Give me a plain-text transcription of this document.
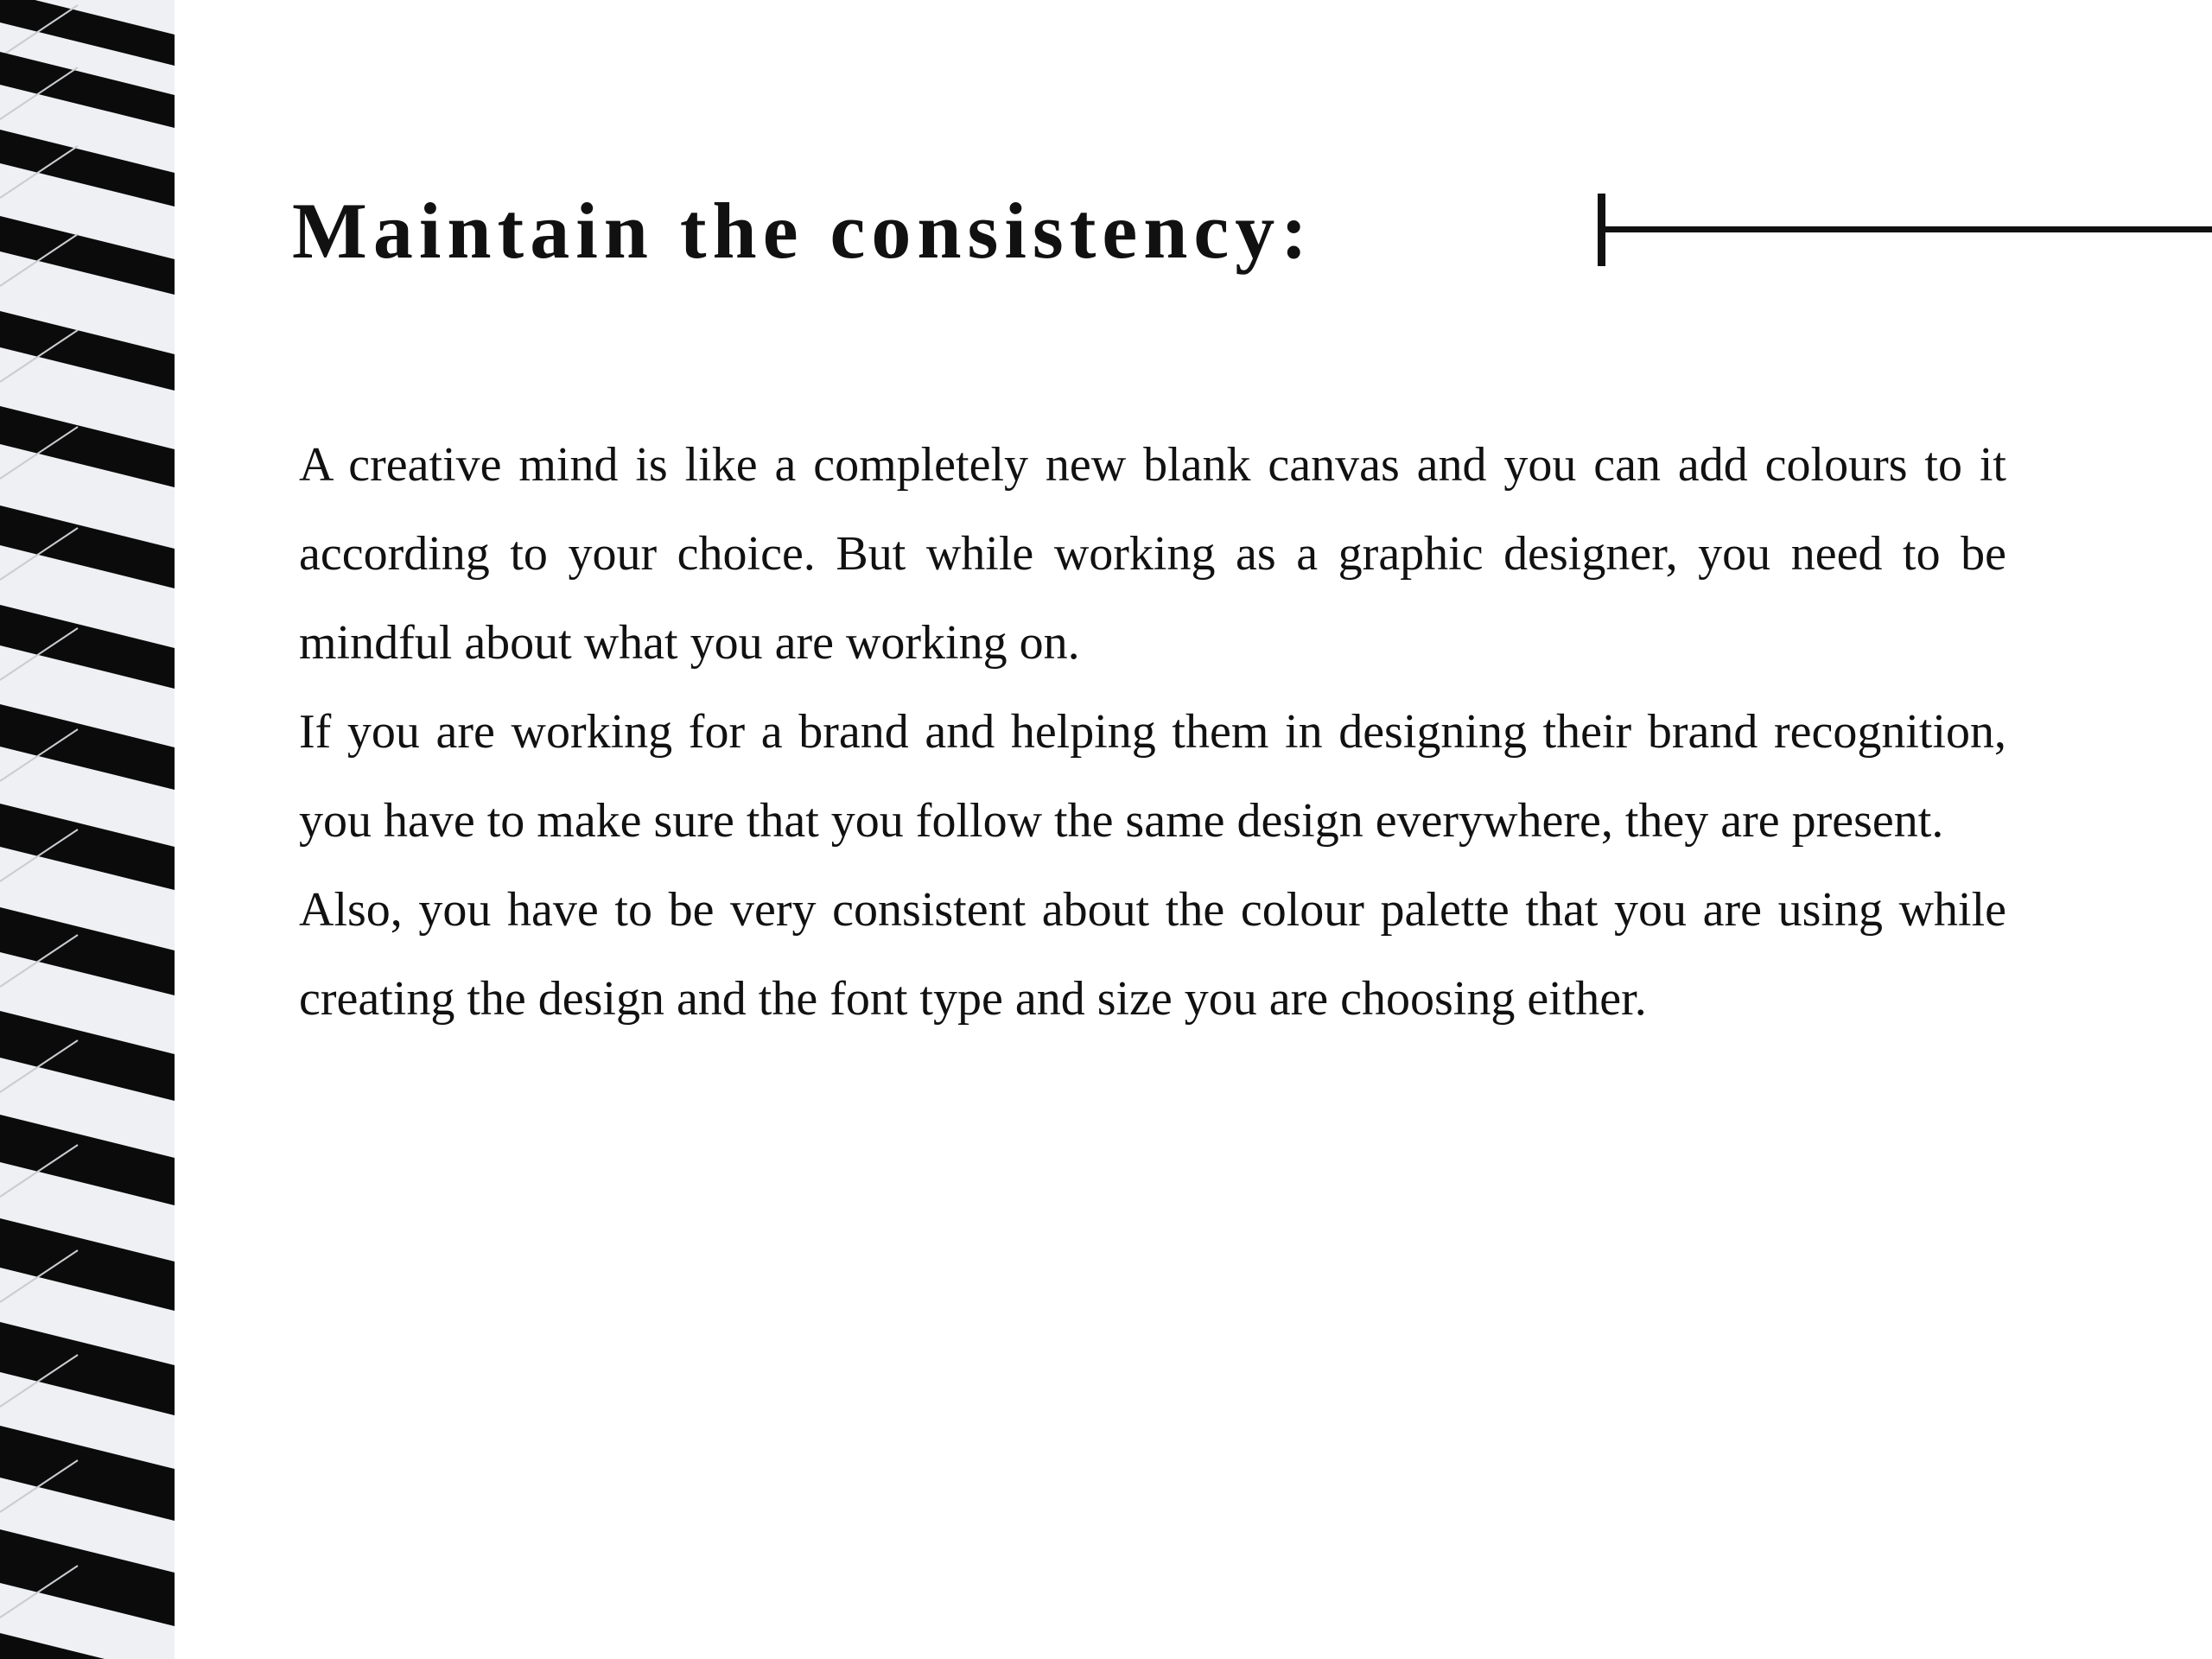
Maintain the consistency:

A creative mind is like a completely new blank canvas and you can add colours to it according to your choice. But while working as a graphic designer, you need to be mindful about what you are working on.

If you are working for a brand and helping them in designing their brand recognition, you have to make sure that you follow the same design everywhere, they are present.

Also, you have to be very consistent about the colour palette that you are using while creating the design and the font type and size you are choosing either.
